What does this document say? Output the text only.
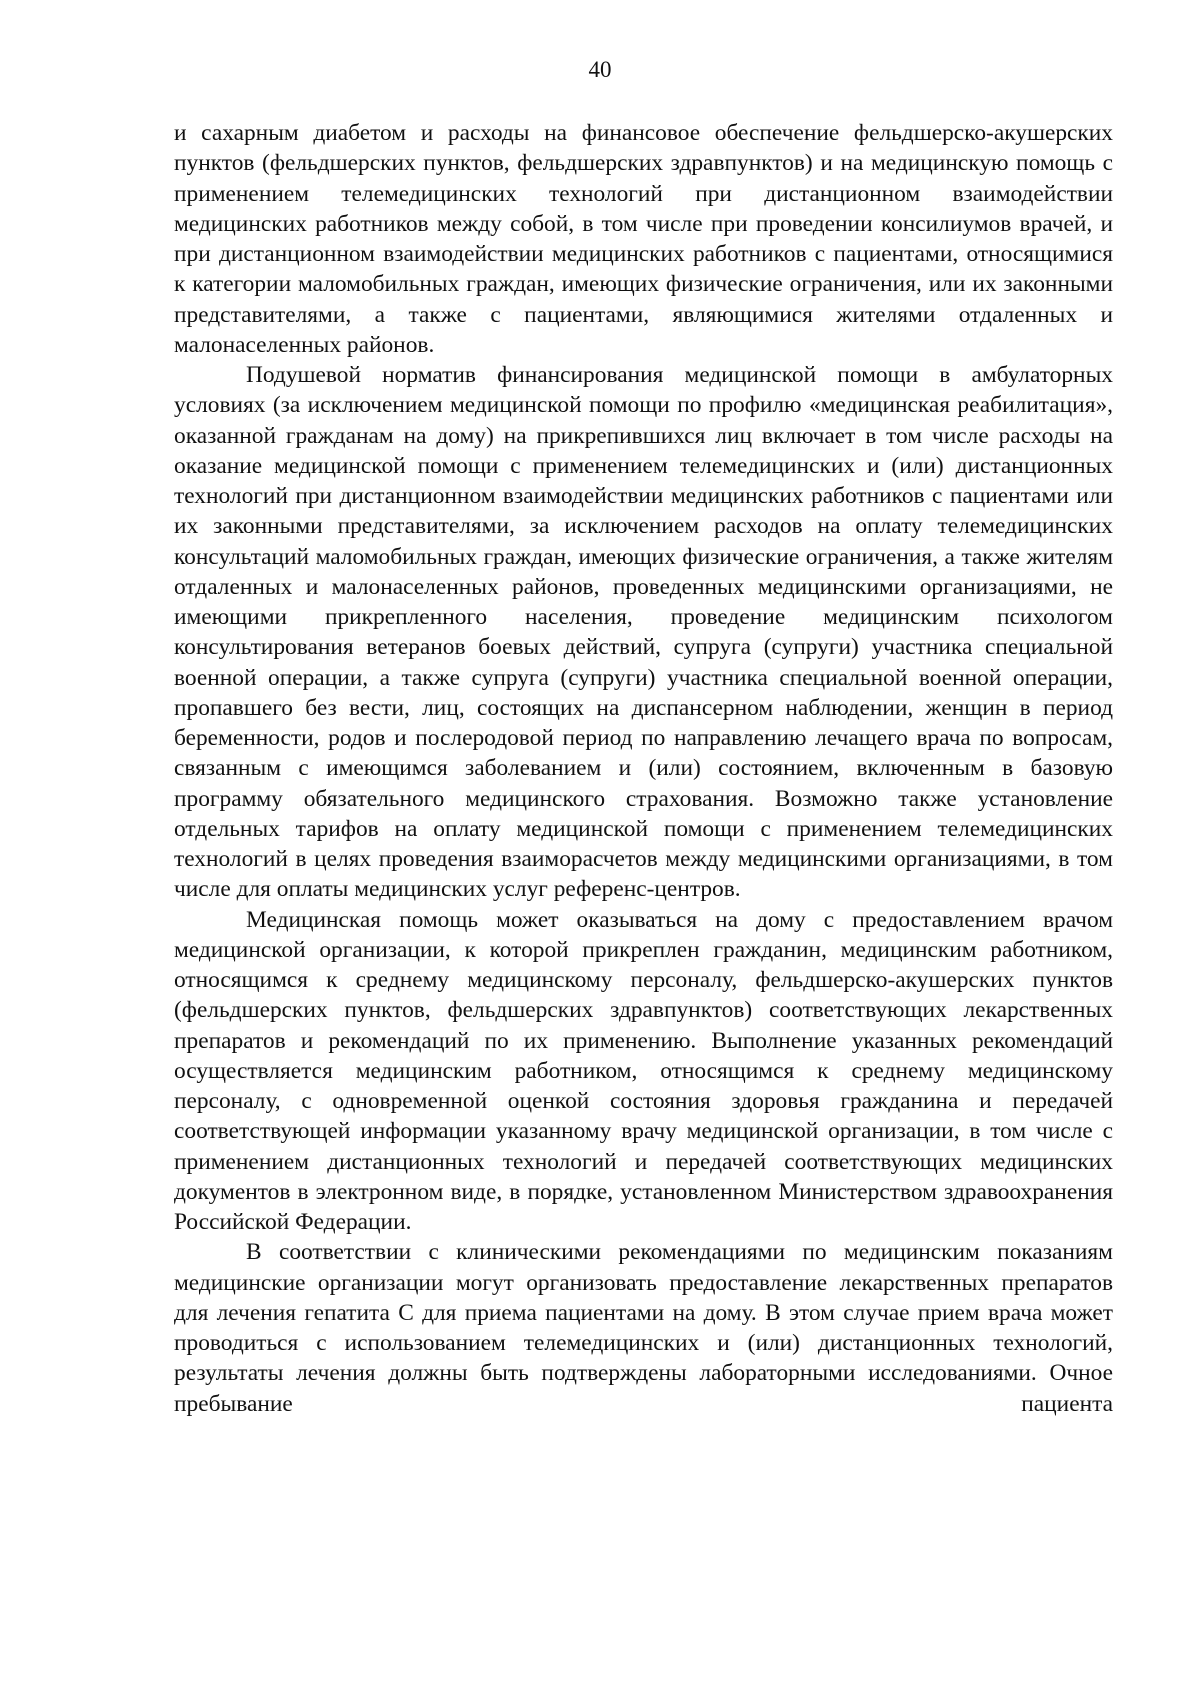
40

и сахарным диабетом и расходы на финансовое обеспечение фельдшерско-акушерских пунктов (фельдшерских пунктов, фельдшерских здравпунктов) и на медицинскую помощь с применением телемедицинских технологий при дистанционном взаимодействии медицинских работников между собой, в том числе при проведении консилиумов врачей, и при дистанционном взаимодействии медицинских работников с пациентами, относящимися к категории маломобильных граждан, имеющих физические ограничения, или их законными представителями, а также с пациентами, являющимися жителями отдаленных и малонаселенных районов.

Подушевой норматив финансирования медицинской помощи в амбулаторных условиях (за исключением медицинской помощи по профилю «медицинская реабилитация», оказанной гражданам на дому) на прикрепившихся лиц включает в том числе расходы на оказание медицинской помощи с применением телемедицинских и (или) дистанционных технологий при дистанционном взаимодействии медицинских работников с пациентами или их законными представителями, за исключением расходов на оплату телемедицинских консультаций маломобильных граждан, имеющих физические ограничения, а также жителям отдаленных и малонаселенных районов, проведенных медицинскими организациями, не имеющими прикрепленного населения, проведение медицинским психологом консультирования ветеранов боевых действий, супруга (супруги) участника специальной военной операции, а также супруга (супруги) участника специальной военной операции, пропавшего без вести, лиц, состоящих на диспансерном наблюдении, женщин в период беременности, родов и послеродовой период по направлению лечащего врача по вопросам, связанным с имеющимся заболеванием и (или) состоянием, включенным в базовую программу обязательного медицинского страхования. Возможно также установление отдельных тарифов на оплату медицинской помощи с применением телемедицинских технологий в целях проведения взаиморасчетов между медицинскими организациями, в том числе для оплаты медицинских услуг референс-центров.

Медицинская помощь может оказываться на дому с предоставлением врачом медицинской организации, к которой прикреплен гражданин, медицинским работником, относящимся к среднему медицинскому персоналу, фельдшерско-акушерских пунктов (фельдшерских пунктов, фельдшерских здравпунктов) соответствующих лекарственных препаратов и рекомендаций по их применению. Выполнение указанных рекомендаций осуществляется медицинским работником, относящимся к среднему медицинскому персоналу, с одновременной оценкой состояния здоровья гражданина и передачей соответствующей информации указанному врачу медицинской организации, в том числе с применением дистанционных технологий и передачей соответствующих медицинских документов в электронном виде, в порядке, установленном Министерством здравоохранения Российской Федерации.

В соответствии с клиническими рекомендациями по медицинским показаниям медицинские организации могут организовать предоставление лекарственных препаратов для лечения гепатита С для приема пациентами на дому. В этом случае прием врача может проводиться с использованием телемедицинских и (или) дистанционных технологий, результаты лечения должны быть подтверждены лабораторными исследованиями. Очное пребывание пациента
